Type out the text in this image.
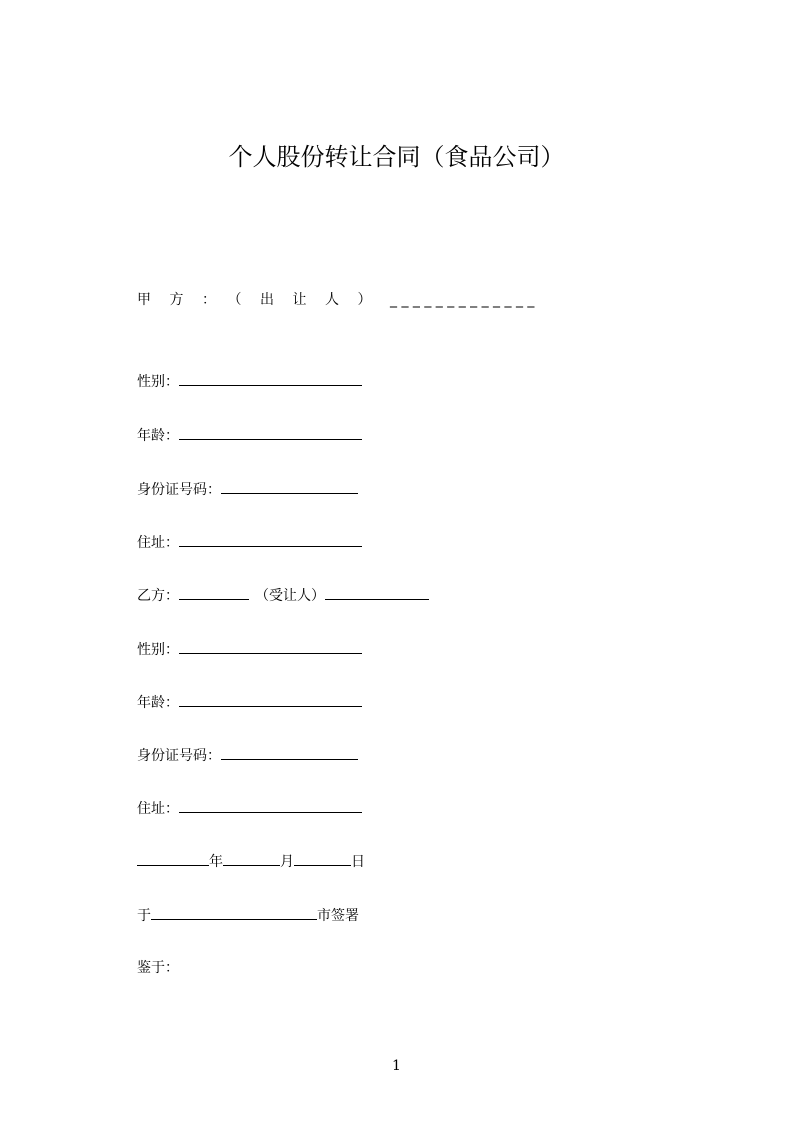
个人股份转让合同（食品公司）
甲方：（出让人）_ _ _ _ _ _ _ _ _ _ _ _ _
性别：
年龄：
身份证号码：
住址：
乙方：	（受让人）
性别：
年龄：
身份证号码：
住址：
年	月	日
于	市签署
鉴于：
1
